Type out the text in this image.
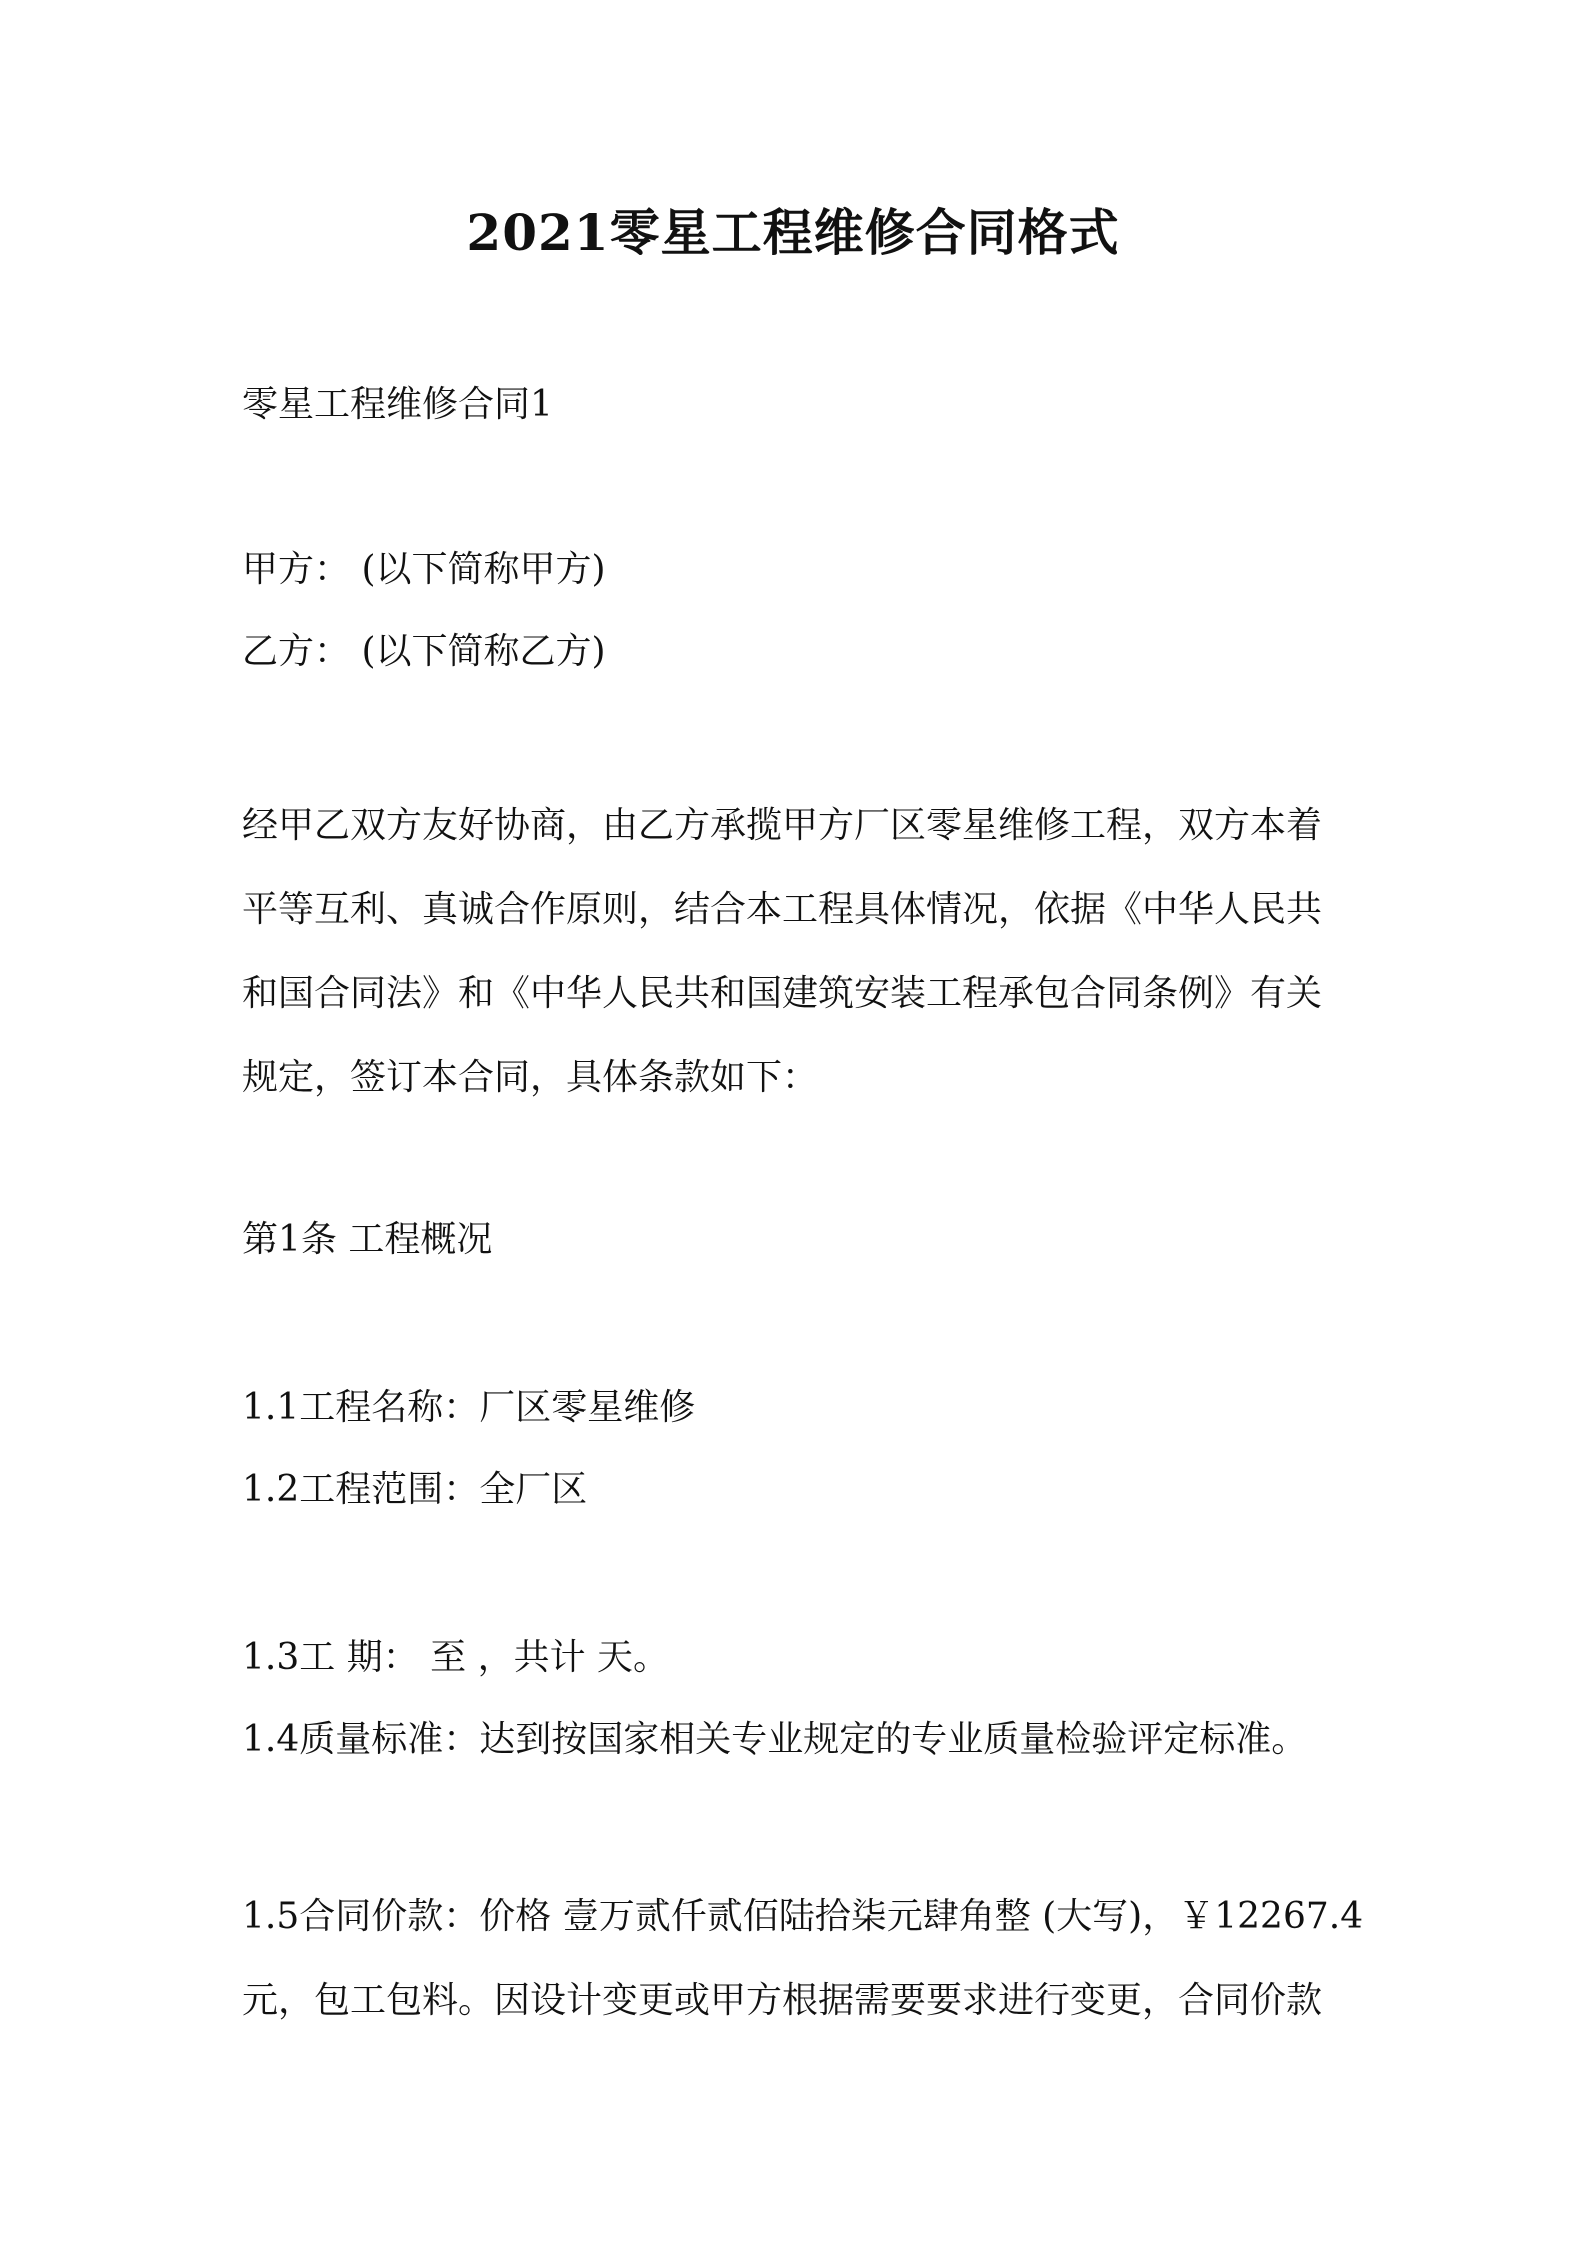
2021零星工程维修合同格式
零星工程维修合同1
甲方： (以下简称甲方)
乙方： (以下简称乙方)
经甲乙双方友好协商，由乙方承揽甲方厂区零星维修工程，双方本着
平等互利、真诚合作原则，结合本工程具体情况，依据《中华人民共
和国合同法》和《中华人民共和国建筑安装工程承包合同条例》有关
规定，签订本合同，具体条款如下：
第1条 工程概况
1.1工程名称：厂区零星维修
1.2工程范围：全厂区
1.3工 期： 至 ，共计 天。
1.4质量标准：达到按国家相关专业规定的专业质量检验评定标准。
1.5合同价款：价格 壹万贰仟贰佰陆拾柒元肆角整 (大写)，￥12267.4
元，包工包料。因设计变更或甲方根据需要要求进行变更，合同价款
